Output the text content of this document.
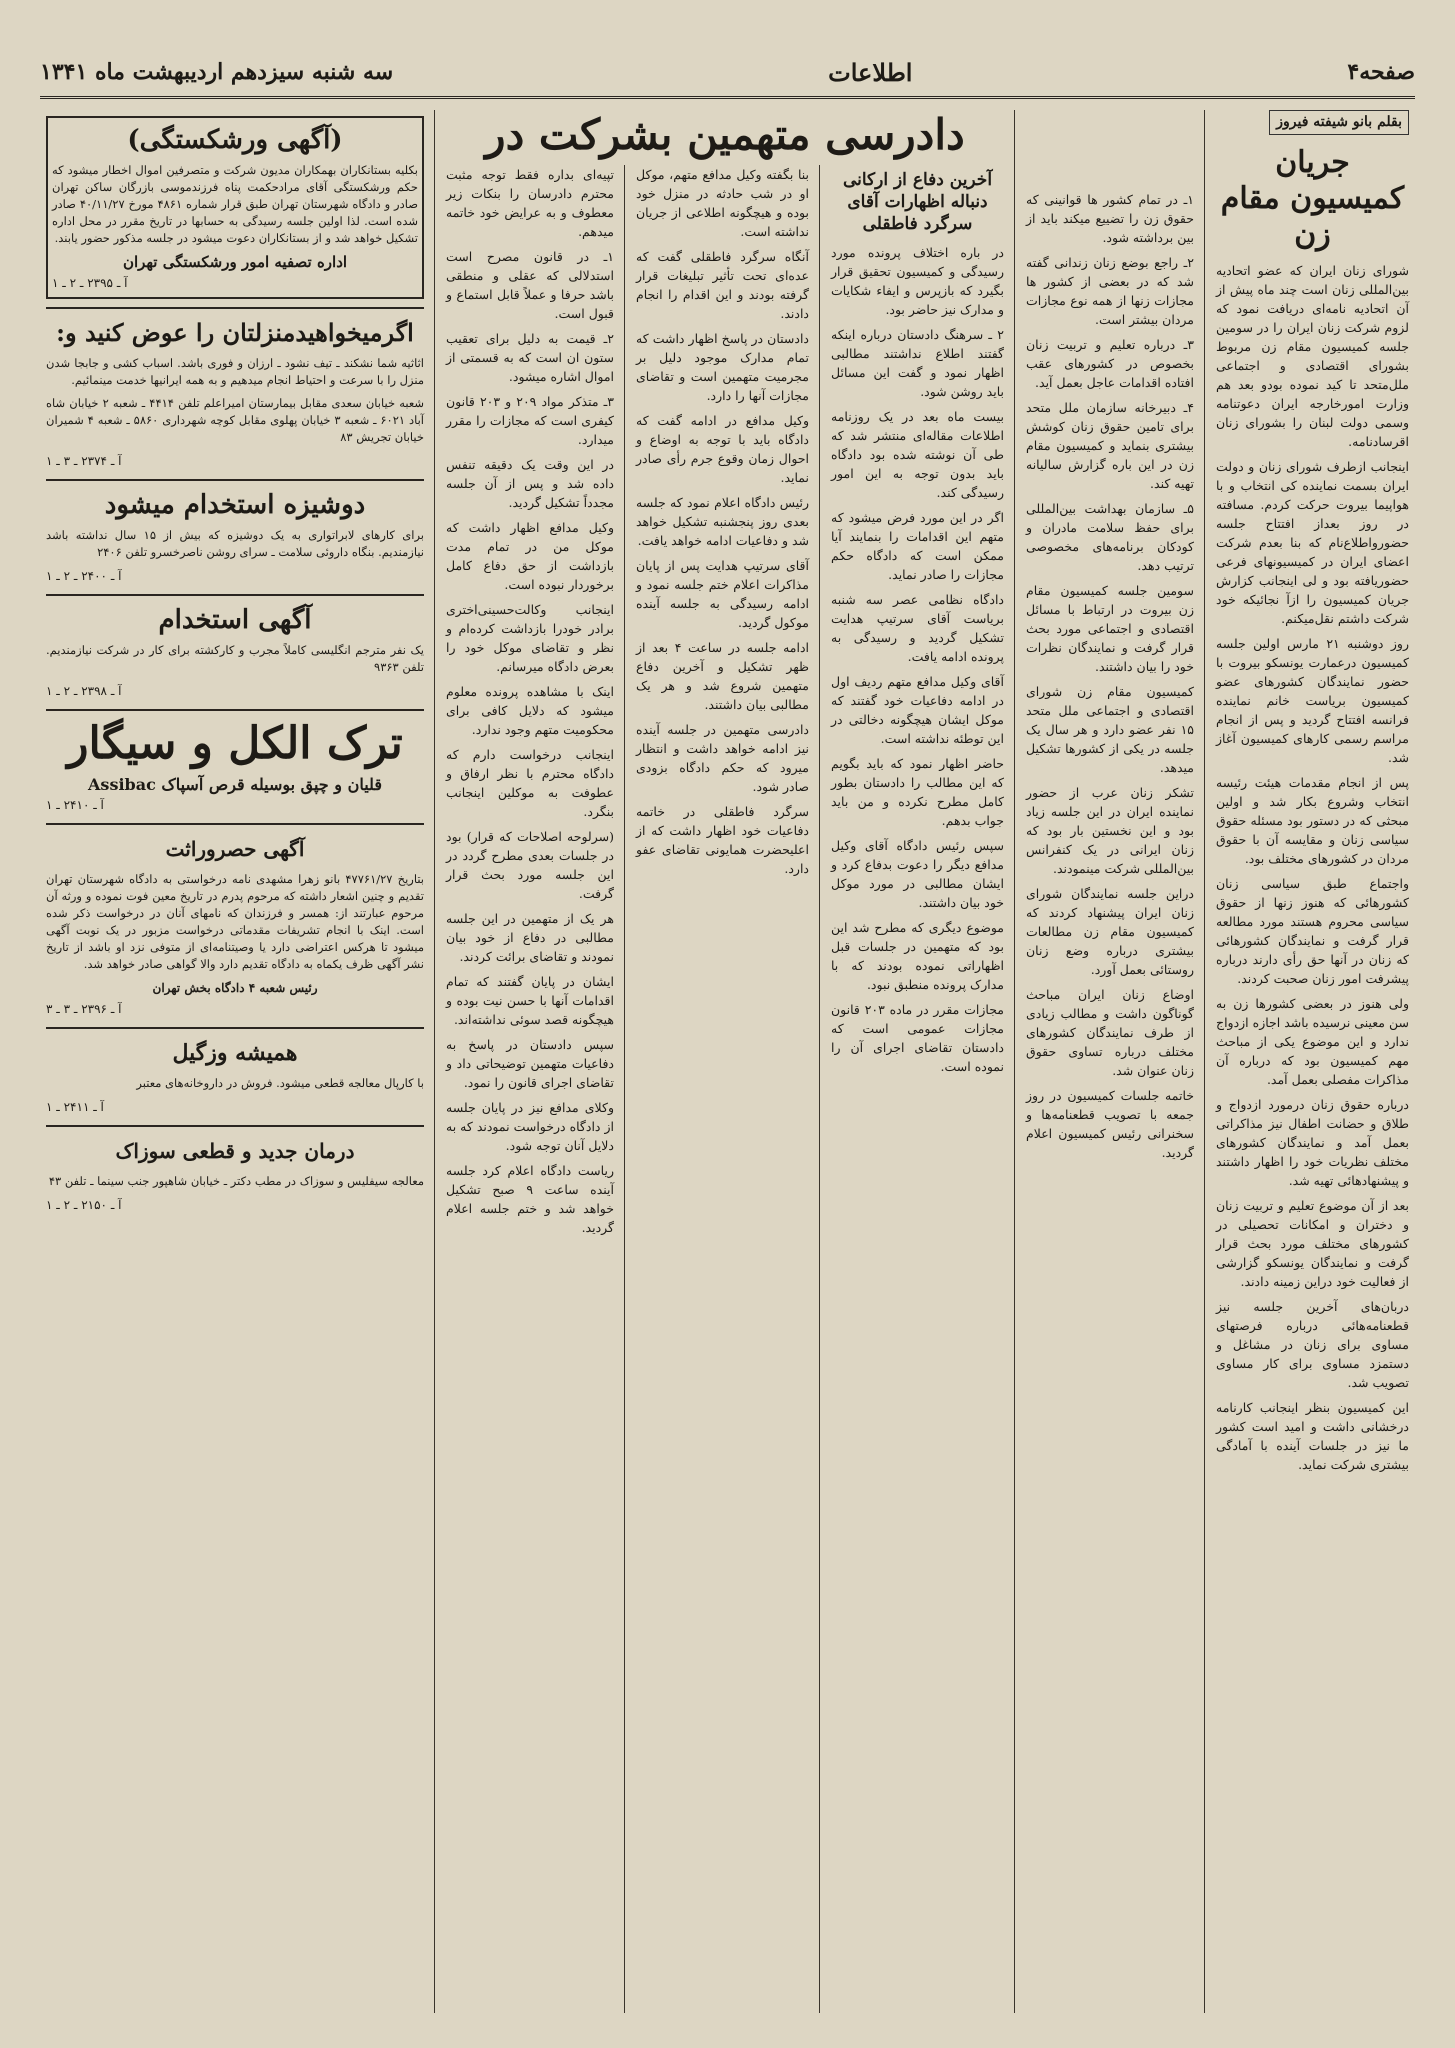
صفحه۴
اطلاعات
سه شنبه سیزدهم اردیبهشت ماه ۱۳۴۱
بقلم بانو شیفته فیروز
جریان کمیسیون مقام زن

شورای زنان ایران که عضو اتحادیه بین‌المللی زنان است چند ماه پیش از آن اتحادیه نامه‌ای دریافت نمود که لزوم شرکت زنان ایران را در سومین جلسه کمیسیون مقام زن مربوط بشورای اقتصادی و اجتماعی ملل‌متحد تا کید نموده بودو بعد هم وزارت امورخارجه ایران دعوتنامه وسمی دولت لبنان را بشورای زنان اقرسادنامه.

اینجانب ازطرف شورای زنان و دولت ایران بسمت نماینده کی انتخاب و با هواپیما بیروت حرکت کردم. مسافته در روز بعداز افتتاح جلسه حضورواطلاع‌نام که بنا بعدم شرکت اعضای ایران در کمیسیونهای فرعی حضوریافته بود و لی اینجانب کزارش جریان کمیسیون را ازآ نجائیکه خود شرکت داشتم نقل‌میکنم.

روز دوشنبه ۲۱ مارس اولین جلسه کمیسیون درعمارت یونسکو بیروت با حضور نمایندگان کشورهای عضو کمیسیون بریاست خانم نماینده فرانسه افتتاح گردید و پس از انجام مراسم رسمی کارهای کمیسیون آغاز شد.

پس از انجام مقدمات هیئت رئیسه انتخاب وشروع بکار شد و اولین مبحثی که در دستور بود مسئله حقوق سیاسی زنان و مقایسه آن با حقوق مردان در کشورهای مختلف بود.

واجتماع طبق سیاسی زنان کشورهائی که هنوز زنها از حقوق سیاسی محروم هستند مورد مطالعه قرار گرفت و نمایندگان کشورهائی که زنان در آنها حق رأی دارند درباره پیشرفت امور زنان صحبت کردند.

ولی هنوز در بعضی کشورها زن به سن معینی نرسیده باشد اجازه ازدواج ندارد و این موضوع یکی از مباحث مهم کمیسیون بود که درباره آن مذاکرات مفصلی بعمل آمد.

درباره حقوق زنان درمورد ازدواج و طلاق و حضانت اطفال نیز مذاکراتی بعمل آمد و نمایندگان کشورهای مختلف نظریات خود را اظهار داشتند و پیشنهادهائی تهیه شد.

بعد از آن موضوع تعلیم و تربیت زنان و دختران و امکانات تحصیلی در کشورهای مختلف مورد بحث قرار گرفت و نمایندگان یونسکو گزارشی از فعالیت خود دراین زمینه دادند.

دربان‌های آخرین جلسه نیز قطعنامه‌هائی درباره فرصتهای مساوی برای زنان در مشاغل و دستمزد مساوی برای کار مساوی تصویب شد.

این کمیسیون بنظر اینجانب کارنامه درخشانی داشت و امید است کشور ما نیز در جلسات آینده با آمادگی بیشتری شرکت نماید.

۱ـ در تمام کشور ها قوانینی که حقوق زن را تضییع میکند باید از بین برداشته شود.

۲ـ راجع بوضع زنان زندانی گفته شد که در بعضی از کشور ها مجازات زنها از همه نوع مجازات مردان بیشتر است.

۳ـ درباره تعلیم و تربیت زنان بخصوص در کشورهای عقب افتاده اقدامات عاجل بعمل آید.

۴ـ دبیرخانه سازمان ملل متحد برای تامین حقوق زنان کوشش بیشتری بنماید و کمیسیون مقام زن در این باره گزارش سالیانه تهیه کند.

۵ـ سازمان بهداشت بین‌المللی برای حفظ سلامت مادران و کودکان برنامه‌های مخصوصی ترتیب دهد.

سومین جلسه کمیسیون مقام زن بیروت در ارتباط با مسائل اقتصادی و اجتماعی مورد بحث قرار گرفت و نمایندگان نظرات خود را بیان داشتند.

کمیسیون مقام زن شورای اقتصادی و اجتماعی ملل متحد ۱۵ نفر عضو دارد و هر سال یک جلسه در یکی از کشورها تشکیل میدهد.

تشکر زنان عرب از حضور نماینده ایران در این جلسه زیاد بود و این نخستین بار بود که زنان ایرانی در یک کنفرانس بین‌المللی شرکت مینمودند.

دراین جلسه نمایندگان شورای زنان ایران پیشنهاد کردند که کمیسیون مقام زن مطالعات بیشتری درباره وضع زنان روستائی بعمل آورد.

اوضاع زنان ایران مباحث گوناگون داشت و مطالب زیادی از طرف نمایندگان کشورهای مختلف درباره تساوی حقوق زنان عنوان شد.

خاتمه جلسات کمیسیون در روز جمعه با تصویب قطعنامه‌ها و سخنرانی رئیس کمیسیون اعلام گردید.

دادرسی متهمین بشرکت در
آخرین دفاع از ارکانی دنباله اظهارات آقای سرگرد فاطقلی

در باره اختلاف پرونده مورد رسیدگی و کمیسیون تحقیق قرار بگیرد که بازپرس و ایفاء شکایات و مدارک نیز حاضر بود.

۲ ـ سرهنگ دادستان درباره اینکه گفتند اطلاع نداشتند مطالبی اظهار نمود و گفت این مسائل باید روشن شود.

بیست ماه بعد در یک روزنامه اطلاعات مقاله‌ای منتشر شد که طی آن نوشته شده بود دادگاه باید بدون توجه به این امور رسیدگی کند.

اگر در این مورد فرض میشود که متهم این اقدامات را بنمایند آیا ممکن است که دادگاه حکم مجازات را صادر نماید.

دادگاه نظامی عصر سه شنبه بریاست آقای سرتیپ هدایت تشکیل گردید و رسیدگی به پرونده ادامه یافت.

آقای وکیل مدافع متهم ردیف اول در ادامه دفاعیات خود گفتند که موکل ایشان هیچگونه دخالتی در این توطئه نداشته است.

حاضر اظهار نمود که باید بگویم که این مطالب را دادستان بطور کامل مطرح نکرده و من باید جواب بدهم.

سپس رئیس دادگاه آقای وکیل مدافع دیگر را دعوت بدفاع کرد و ایشان مطالبی در مورد موکل خود بیان داشتند.

موضوع دیگری که مطرح شد این بود که متهمین در جلسات قبل اظهاراتی نموده بودند که با مدارک پرونده منطبق نبود.

مجازات مقرر در ماده ۲۰۳ قانون مجازات عمومی است که دادستان تقاضای اجرای آن را نموده است.

بنا بگفته وکیل مدافع متهم، موکل او در شب حادثه در منزل خود بوده و هیچگونه اطلاعی از جریان نداشته است.

آنگاه سرگرد فاطقلی گفت که عده‌ای تحت تأثیر تبلیغات قرار گرفته بودند و این اقدام را انجام دادند.

دادستان در پاسخ اظهار داشت که تمام مدارک موجود دلیل بر مجرمیت متهمین است و تقاضای مجازات آنها را دارد.

وکیل مدافع در ادامه گفت که دادگاه باید با توجه به اوضاع و احوال زمان وقوع جرم رأی صادر نماید.

رئیس دادگاه اعلام نمود که جلسه بعدی روز پنجشنبه تشکیل خواهد شد و دفاعیات ادامه خواهد یافت.

آقای سرتیپ هدایت پس از پایان مذاکرات اعلام ختم جلسه نمود و ادامه رسیدگی به جلسه آینده موکول گردید.

ادامه جلسه در ساعت ۴ بعد از ظهر تشکیل و آخرین دفاع متهمین شروع شد و هر یک مطالبی بیان داشتند.

دادرسی متهمین در جلسه آینده نیز ادامه خواهد داشت و انتظار میرود که حکم دادگاه بزودی صادر شود.

سرگرد فاطقلی در خاتمه دفاعیات خود اظهار داشت که از اعلیحضرت همایونی تقاضای عفو دارد.

تپیه‌ای بداره فقط توجه مثبت محترم دادرسان را بنکات زیر معطوف و به عرایض خود خاتمه میدهم.

۱ـ در قانون مصرح است استدلالی که عقلی و منطقی باشد حرفا و عملاً قابل استماع و قبول است.

۲ـ قیمت به دلیل برای تعقیب ستون ان است که به قسمتی از اموال اشاره میشود.

۳ـ متذکر مواد ۲۰۹ و ۲۰۳ قانون کیفری است که مجازات را مقرر میدارد.

در این وقت یک دقیقه تنفس داده شد و پس از آن جلسه مجدداً تشکیل گردید.

وکیل مدافع اظهار داشت که موکل من در تمام مدت بازداشت از حق دفاع کامل برخوردار نبوده است.

اینجانب وکالت‌حسینی‌اختری برادر خودرا بازداشت کرده‌ام و نظر و تقاضای موکل خود را بعرض دادگاه میرسانم.

اینک با مشاهده پرونده معلوم میشود که دلایل کافی برای محکومیت متهم وجود ندارد.

اینجانب درخواست دارم که دادگاه محترم با نظر ارفاق و عطوفت به موکلین اینجانب بنگرد.

(سرلوحه اصلاحات که قرار) بود در جلسات بعدی مطرح گردد در این جلسه مورد بحث قرار گرفت.

هر یک از متهمین در این جلسه مطالبی در دفاع از خود بیان نمودند و تقاضای برائت کردند.

ایشان در پایان گفتند که تمام اقدامات آنها با حسن نیت بوده و هیچگونه قصد سوئی نداشته‌اند.

سپس دادستان در پاسخ به دفاعیات متهمین توضیحاتی داد و تقاضای اجرای قانون را نمود.

وکلای مدافع نیز در پایان جلسه از دادگاه درخواست نمودند که به دلایل آنان توجه شود.

ریاست دادگاه اعلام کرد جلسه آینده ساعت ۹ صبح تشکیل خواهد شد و ختم جلسه اعلام گردید.

(آگهی ورشکستگی)

بکلیه بستانکاران بهمکاران مدیون شرکت و متصرفین اموال اخطار میشود که حکم ورشکستگی آقای مرادحکمت پناه فرزندموسی بازرگان ساکن تهران صادر و دادگاه شهرستان تهران طبق قرار شماره ۴۸۶۱ مورخ ۴۰/۱۱/۲۷ صادر شده است. لذا اولین جلسه رسیدگی به حسابها در تاریخ مقرر در محل اداره تشکیل خواهد شد و از بستانکاران دعوت میشود در جلسه مذکور حضور یابند.

اداره تصفیه امور ورشکستگی تهران
آ ـ ۲۳۹۵ ـ ۲ ـ ۱
اگرمیخواهیدمنزلتان را عوض کنید و:

اثاثیه شما نشکند ـ تیف نشود ـ ارزان و فوری باشد. اسباب کشی و جابجا شدن منزل را با سرعت و احتیاط انجام میدهیم و به همه ایرانیها خدمت مینمائیم.

شعبه خیابان سعدی مقابل بیمارستان امیراعلم تلفن ۴۴۱۴ ـ شعبه ۲ خیابان شاه آباد ۶۰۲۱ ـ شعبه ۳ خیابان پهلوی مقابل کوچه شهرداری ۵۸۶۰ ـ شعبه ۴ شمیران خیابان تجریش ۸۳

آ ـ ۲۳۷۴ ـ ۳ ـ ۱
دوشیزه استخدام میشود

برای کارهای لابراتواری به یک دوشیزه که بیش از ۱۵ سال نداشته باشد نیازمندیم. بنگاه داروئی سلامت ـ سرای روشن ناصرخسرو تلفن ۲۴۰۶

آ ـ ۲۴۰۰ ـ ۲ ـ ۱
آگهی استخدام

یک نفر مترجم انگلیسی کاملاً مجرب و کارکشته برای کار در شرکت نیازمندیم. تلفن ۹۳۶۳

آ ـ ۲۳۹۸ ـ ۲ ـ ۱
ترک الکل و سیگار
قلیان و چپق بوسیله قرص آسپاک Assibac
آ ـ ۲۴۱۰ ـ ۱
آگهی حصروراثت

بتاریخ ۴۷۷۶۱/۲۷ بانو زهرا مشهدی نامه درخواستی به دادگاه شهرستان تهران تقدیم و چنین اشعار داشته که مرحوم پدرم در تاریخ معین فوت نموده و ورثه آن مرحوم عبارتند از: همسر و فرزندان که نامهای آنان در درخواست ذکر شده است. اینک با انجام تشریفات مقدماتی درخواست مزبور در یک نوبت آگهی میشود تا هرکس اعتراضی دارد یا وصیتنامه‌ای از متوفی نزد او باشد از تاریخ نشر آگهی ظرف یکماه به دادگاه تقدیم دارد والا گواهی صادر خواهد شد.

رئیس شعبه ۴ دادگاه بخش تهران
آ ـ ۲۳۹۶ ـ ۳ ـ ۳
همیشه وزگیل

با کارپال معالجه قطعی میشود. فروش در داروخانه‌های معتبر

آ ـ ۲۴۱۱ ـ ۱
درمان جدید و قطعی سوزاک

معالجه سیفلیس و سوزاک در مطب دکتر ـ خیابان شاهپور جنب سینما ـ تلفن ۴۳

آ ـ ۲۱۵۰ ـ ۲ ـ ۱
